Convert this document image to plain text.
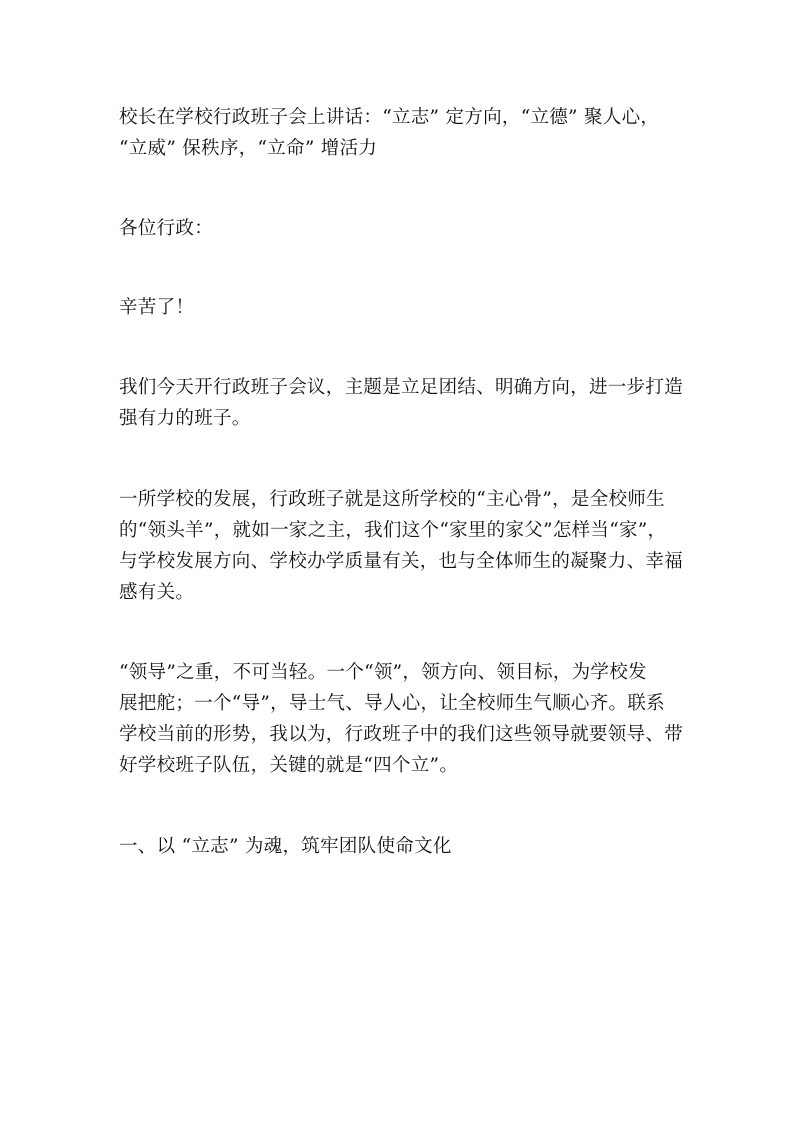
校长在学校行政班子会上讲话：“立志” 定方向，“立德” 聚人心，
“立威” 保秩序，“立命” 增活力

各位行政：

辛苦了！

我们今天开行政班子会议，主题是立足团结、明确方向，进一步打造
强有力的班子。

一所学校的发展，行政班子就是这所学校的“主心骨”，是全校师生
的“领头羊”，就如一家之主，我们这个“家里的家父”怎样当“家”，
与学校发展方向、学校办学质量有关，也与全体师生的凝聚力、幸福
感有关。

“领导”之重，不可当轻。一个“领”，领方向、领目标，为学校发
展把舵；一个“导”，导士气、导人心，让全校师生气顺心齐。联系
学校当前的形势，我以为，行政班子中的我们这些领导就要领导、带
好学校班子队伍，关键的就是“四个立”。

一、以 “立志” 为魂，筑牢团队使命文化
